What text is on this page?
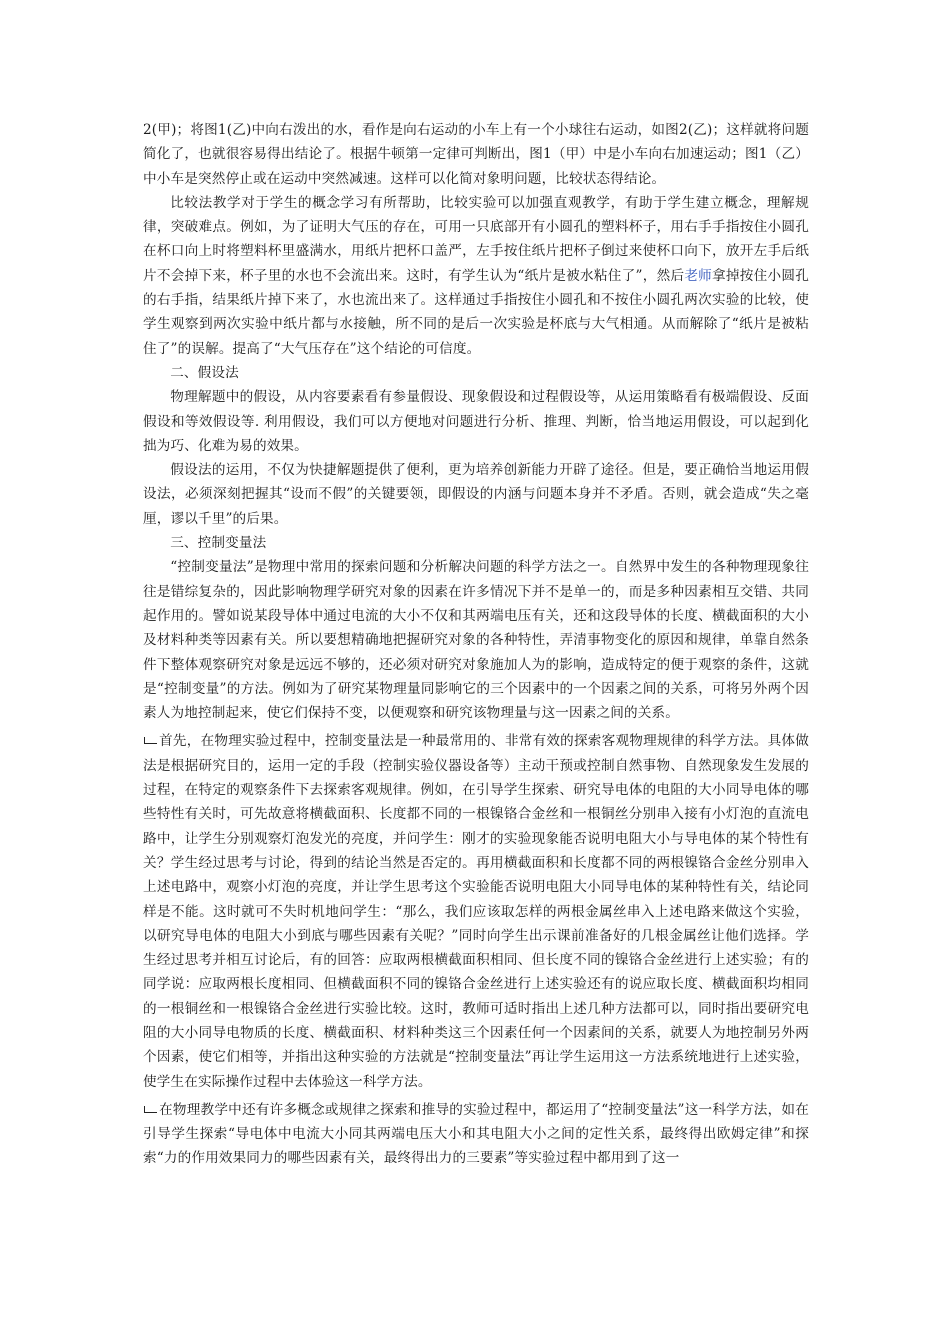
2(甲)；将图1(乙)中向右泼出的水，看作是向右运动的小车上有一个小球往右运动，如图2(乙)；这样就将问题简化了，也就很容易得出结论了。根据牛顿第一定律可判断出，图1（甲）中是小车向右加速运动；图1（乙）中小车是突然停止或在运动中突然减速。这样可以化简对象明问题，比较状态得结论。

比较法教学对于学生的概念学习有所帮助，比较实验可以加强直观教学，有助于学生建立概念，理解规律，突破难点。例如，为了证明大气压的存在，可用一只底部开有小圆孔的塑料杯子，用右手手指按住小圆孔在杯口向上时将塑料杯里盛满水，用纸片把杯口盖严，左手按住纸片把杯子倒过来使杯口向下，放开左手后纸片不会掉下来，杯子里的水也不会流出来。这时，有学生认为“纸片是被水粘住了”，然后老师拿掉按住小圆孔的右手指，结果纸片掉下来了，水也流出来了。这样通过手指按住小圆孔和不按住小圆孔两次实验的比较，使学生观察到两次实验中纸片都与水接触，所不同的是后一次实验是杯底与大气相通。从而解除了“纸片是被粘住了”的误解。提高了“大气压存在”这个结论的可信度。

二、假设法

物理解题中的假设，从内容要素看有参量假设、现象假设和过程假设等，从运用策略看有极端假设、反面假设和等效假设等. 利用假设，我们可以方便地对问题进行分析、推理、判断，恰当地运用假设，可以起到化拙为巧、化难为易的效果。

假设法的运用，不仅为快捷解题提供了便利，更为培养创新能力开辟了途径。但是，要正确恰当地运用假设法，必须深刻把握其“设而不假”的关键要领，即假设的内涵与问题本身并不矛盾。否则，就会造成“失之毫厘，谬以千里”的后果。

三、控制变量法

“控制变量法”是物理中常用的探索问题和分析解决问题的科学方法之一。自然界中发生的各种物理现象往往是错综复杂的，因此影响物理学研究对象的因素在许多情况下并不是单一的，而是多种因素相互交错、共同起作用的。譬如说某段导体中通过电流的大小不仅和其两端电压有关，还和这段导体的长度、横截面积的大小及材料种类等因素有关。所以要想精确地把握研究对象的各种特性，弄清事物变化的原因和规律，单靠自然条件下整体观察研究对象是远远不够的，还必须对研究对象施加人为的影响，造成特定的便于观察的条件，这就是“控制变量”的方法。例如为了研究某物理量同影响它的三个因素中的一个因素之间的关系，可将另外两个因素人为地控制起来，使它们保持不变，以便观察和研究该物理量与这一因素之间的关系。

首先，在物理实验过程中，控制变量法是一种最常用的、非常有效的探索客观物理规律的科学方法。具体做法是根据研究目的，运用一定的手段（控制实验仪器设备等）主动干预或控制自然事物、自然现象发生发展的过程，在特定的观察条件下去探索客观规律。例如，在引导学生探索、研究导电体的电阻的大小同导电体的哪些特性有关时，可先故意将横截面积、长度都不同的一根镍铬合金丝和一根铜丝分别串入接有小灯泡的直流电路中，让学生分别观察灯泡发光的亮度，并问学生：刚才的实验现象能否说明电阻大小与导电体的某个特性有关？学生经过思考与讨论，得到的结论当然是否定的。再用横截面积和长度都不同的两根镍铬合金丝分别串入上述电路中，观察小灯泡的亮度，并让学生思考这个实验能否说明电阻大小同导电体的某种特性有关，结论同样是不能。这时就可不失时机地问学生：“那么，我们应该取怎样的两根金属丝串入上述电路来做这个实验，以研究导电体的电阻大小到底与哪些因素有关呢？”同时向学生出示课前准备好的几根金属丝让他们选择。学生经过思考并相互讨论后，有的回答：应取两根横截面积相同、但长度不同的镍铬合金丝进行上述实验；有的同学说：应取两根长度相同、但横截面积不同的镍铬合金丝进行上述实验还有的说应取长度、横截面积均相同的一根铜丝和一根镍铬合金丝进行实验比较。这时，教师可适时指出上述几种方法都可以，同时指出要研究电阻的大小同导电物质的长度、横截面积、材料种类这三个因素任何一个因素间的关系，就要人为地控制另外两个因素，使它们相等，并指出这种实验的方法就是“控制变量法”再让学生运用这一方法系统地进行上述实验，使学生在实际操作过程中去体验这一科学方法。

在物理教学中还有许多概念或规律之探索和推导的实验过程中，都运用了“控制变量法”这一科学方法，如在引导学生探索“导电体中电流大小同其两端电压大小和其电阻大小之间的定性关系，最终得出欧姆定律”和探索“力的作用效果同力的哪些因素有关，最终得出力的三要素”等实验过程中都用到了这一
